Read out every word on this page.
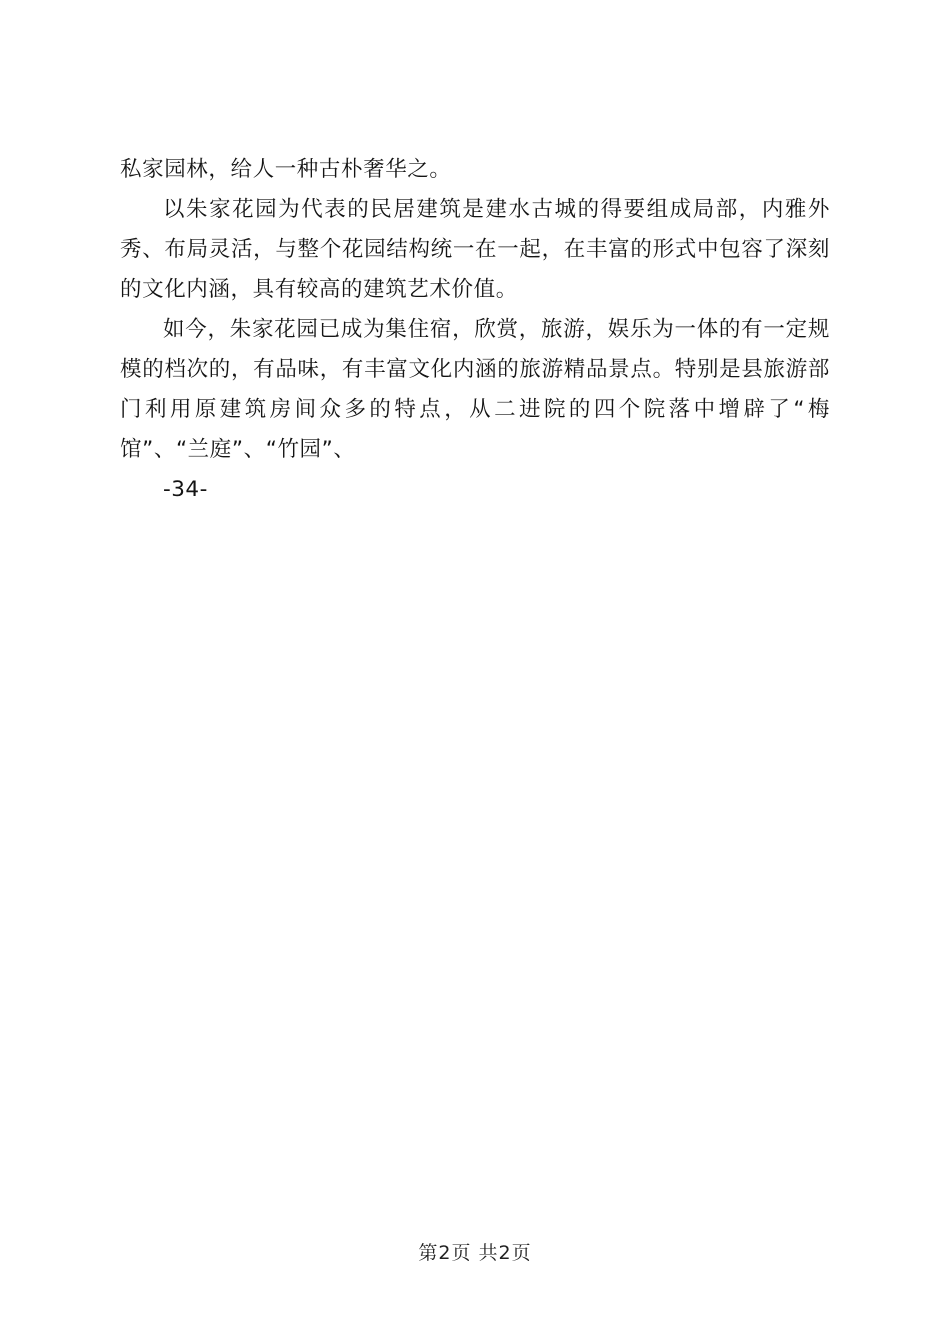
私家园林，给人一种古朴奢华之。

以朱家花园为代表的民居建筑是建水古城的得要组成局部，内雅外秀、布局灵活，与整个花园结构统一在一起，在丰富的形式中包容了深刻的文化内涵，具有较高的建筑艺术价值。

如今，朱家花园已成为集住宿，欣赏，旅游，娱乐为一体的有一定规模的档次的，有品味，有丰富文化内涵的旅游精品景点。特别是县旅游部门利用原建筑房间众多的特点，从二进院的四个院落中增辟了“梅馆”、“兰庭”、“竹园”、

-34-

第2页 共2页
